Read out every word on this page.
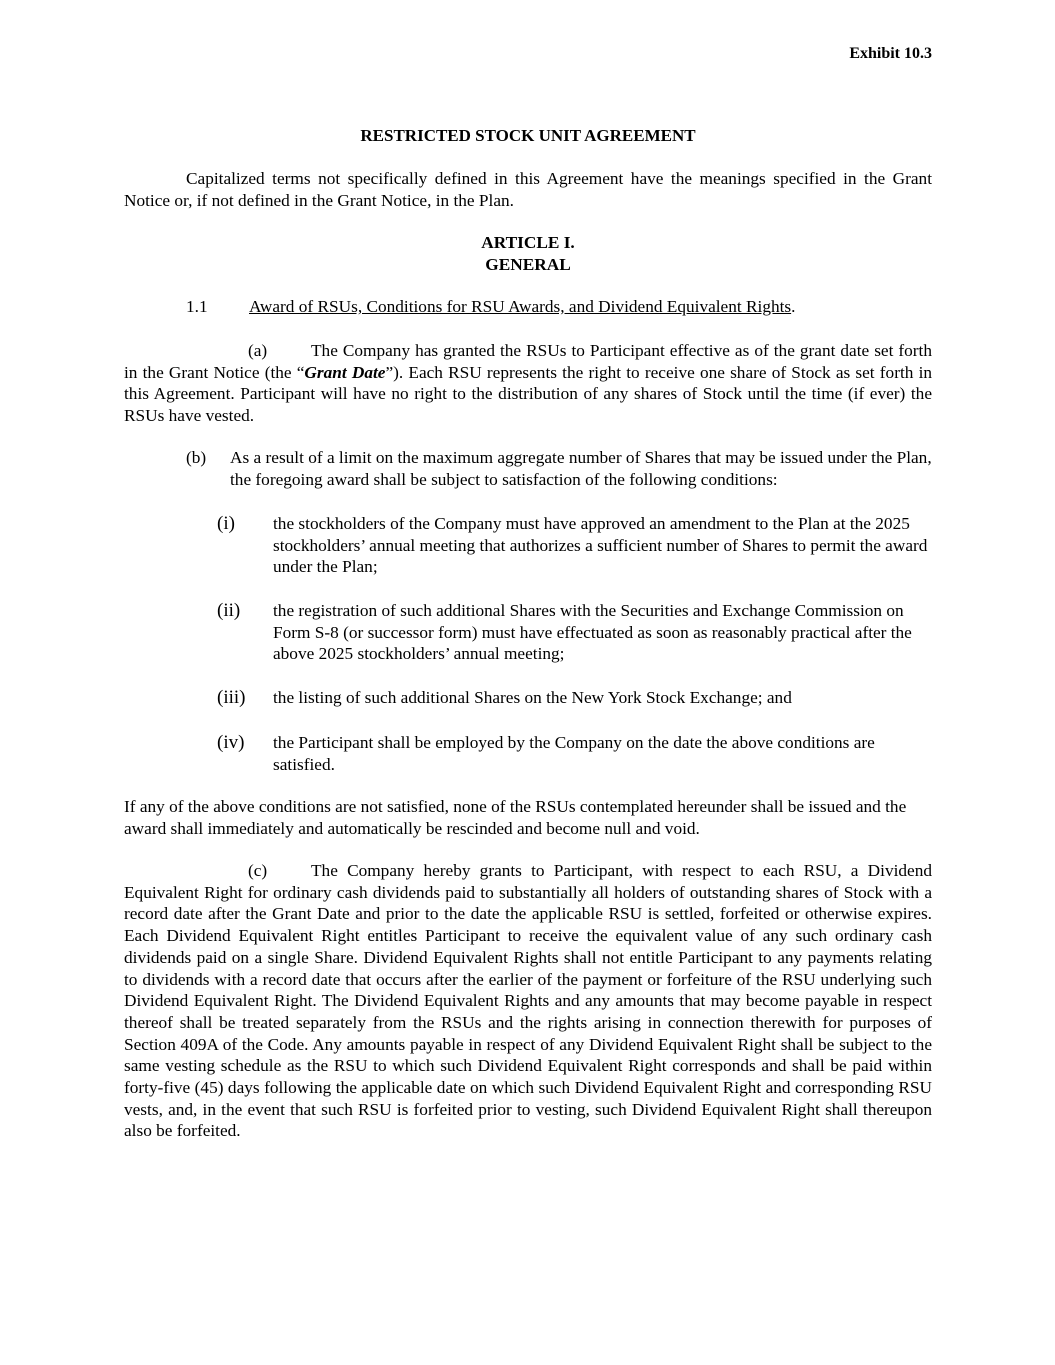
Exhibit 10.3
RESTRICTED STOCK UNIT AGREEMENT
Capitalized terms not specifically defined in this Agreement have the meanings specified in the Grant Notice or, if not defined in the Grant Notice, in the Plan.
ARTICLE I.
GENERAL
1.1 Award of RSUs, Conditions for RSU Awards, and Dividend Equivalent Rights.
(a)	The Company has granted the RSUs to Participant effective as of the grant date set forth in the Grant Notice (the “Grant Date”). Each RSU represents the right to receive one share of Stock as set forth in this Agreement. Participant will have no right to the distribution of any shares of Stock until the time (if ever) the RSUs have vested.
(b)	As a result of a limit on the maximum aggregate number of Shares that may be issued under the Plan, the foregoing award shall be subject to satisfaction of the following conditions:
(i)	the stockholders of the Company must have approved an amendment to the Plan at the 2025 stockholders’ annual meeting that authorizes a sufficient number of Shares to permit the award under the Plan;
(ii)	the registration of such additional Shares with the Securities and Exchange Commission on Form S-8 (or successor form) must have effectuated as soon as reasonably practical after the above 2025 stockholders’ annual meeting;
(iii)	the listing of such additional Shares on the New York Stock Exchange; and
(iv)	the Participant shall be employed by the Company on the date the above conditions are satisfied.
If any of the above conditions are not satisfied, none of the RSUs contemplated hereunder shall be issued and the award shall immediately and automatically be rescinded and become null and void.
(c)	The Company hereby grants to Participant, with respect to each RSU, a Dividend Equivalent Right for ordinary cash dividends paid to substantially all holders of outstanding shares of Stock with a record date after the Grant Date and prior to the date the applicable RSU is settled, forfeited or otherwise expires. Each Dividend Equivalent Right entitles Participant to receive the equivalent value of any such ordinary cash dividends paid on a single Share. Dividend Equivalent Rights shall not entitle Participant to any payments relating to dividends with a record date that occurs after the earlier of the payment or forfeiture of the RSU underlying such Dividend Equivalent Right. The Dividend Equivalent Rights and any amounts that may become payable in respect thereof shall be treated separately from the RSUs and the rights arising in connection therewith for purposes of Section 409A of the Code. Any amounts payable in respect of any Dividend Equivalent Right shall be subject to the same vesting schedule as the RSU to which such Dividend Equivalent Right corresponds and shall be paid within forty-five (45) days following the applicable date on which such Dividend Equivalent Right and corresponding RSU vests, and, in the event that such RSU is forfeited prior to vesting, such Dividend Equivalent Right shall thereupon also be forfeited.
